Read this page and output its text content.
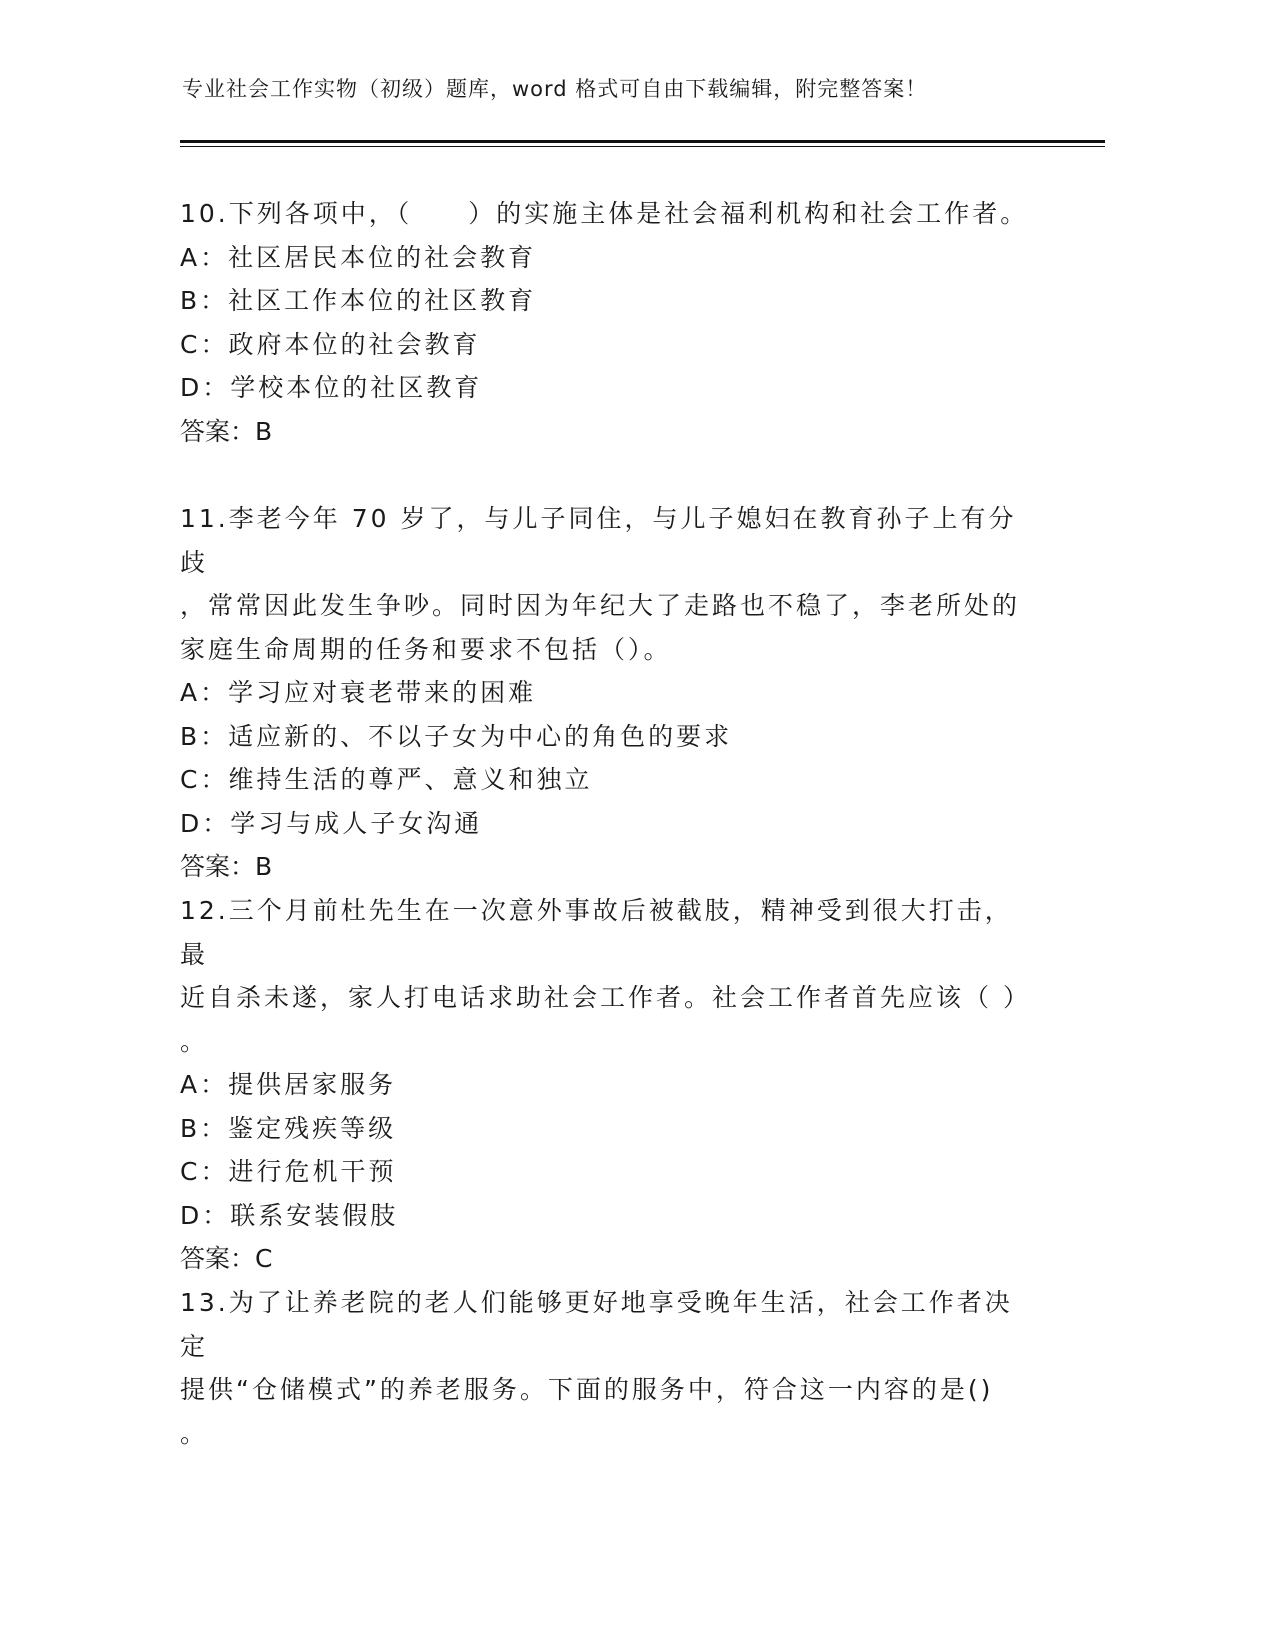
专业社会工作实物（初级）题库，word 格式可自由下载编辑，附完整答案！

10.下列各项中，（　　）的实施主体是社会福利机构和社会工作者。

A：社区居民本位的社会教育

B：社区工作本位的社区教育

C：政府本位的社会教育

D：学校本位的社区教育

答案：B

11.李老今年 70 岁了，与儿子同住，与儿子媳妇在教育孙子上有分歧

，常常因此发生争吵。同时因为年纪大了走路也不稳了，李老所处的

家庭生命周期的任务和要求不包括（）。

A：学习应对衰老带来的困难

B：适应新的、不以子女为中心的角色的要求

C：维持生活的尊严、意义和独立

D：学习与成人子女沟通

答案：B

12.三个月前杜先生在一次意外事故后被截肢，精神受到很大打击，最

近自杀未遂，家人打电话求助社会工作者。社会工作者首先应该（ ）

。

A：提供居家服务

B：鉴定残疾等级

C：进行危机干预

D：联系安装假肢

答案：C

13.为了让养老院的老人们能够更好地享受晚年生活，社会工作者决定

提供“仓储模式”的养老服务。下面的服务中，符合这一内容的是()

。
